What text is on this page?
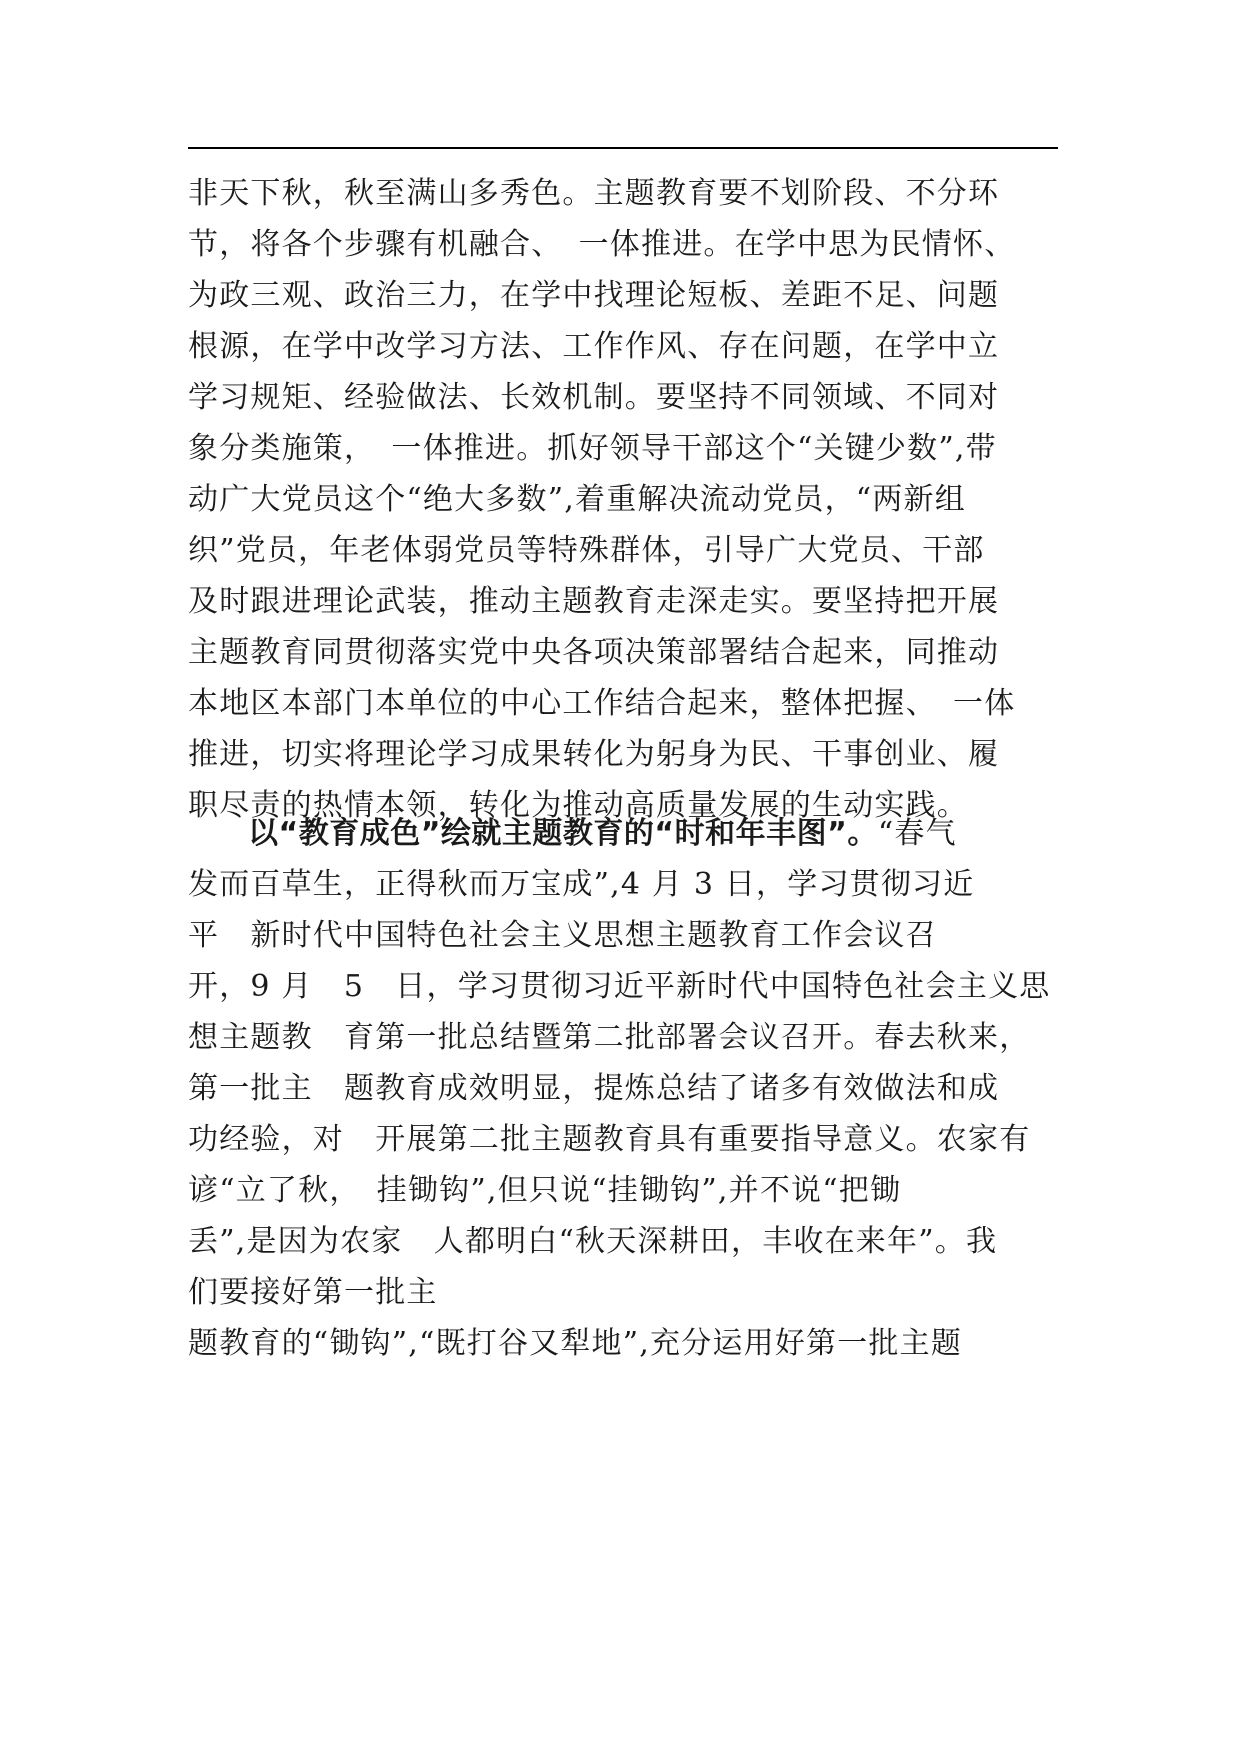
非天下秋，秋至满山多秀色。主题教育要不划阶段、不分环
节，将各个步骤有机融合、　一体推进。在学中思为民情怀、
为政三观、政治三力，在学中找理论短板、差距不足、问题
根源，在学中改学习方法、工作作风、存在问题，在学中立
学习规矩、经验做法、长效机制。要坚持不同领域、不同对
象分类施策，　一体推进。抓好领导干部这个“关键少数”,带
动广大党员这个“绝大多数”,着重解决流动党员，“两新组
织”党员，年老体弱党员等特殊群体，引导广大党员、干部
及时跟进理论武装，推动主题教育走深走实。要坚持把开展
主题教育同贯彻落实党中央各项决策部署结合起来，同推动
本地区本部门本单位的中心工作结合起来，整体把握、　一体
推进，切实将理论学习成果转化为躬身为民、干事创业、履
职尽责的热情本领，转化为推动高质量发展的生动实践。
以“教育成色”绘就主题教育的“时和年丰图”。“春气
发而百草生，正得秋而万宝成”,4 月 3 日，学习贯彻习近
平　新时代中国特色社会主义思想主题教育工作会议召
开，9 月　5　日，学习贯彻习近平新时代中国特色社会主义思
想主题教　育第一批总结暨第二批部署会议召开。春去秋来，
第一批主　题教育成效明显，提炼总结了诸多有效做法和成
功经验，对　开展第二批主题教育具有重要指导意义。农家有
谚“立了秋，　挂锄钩”,但只说“挂锄钩”,并不说“把锄
丢”,是因为农家　人都明白“秋天深耕田，丰收在来年”。我
们要接好第一批主
题教育的“锄钩”,“既打谷又犁地”,充分运用好第一批主题
